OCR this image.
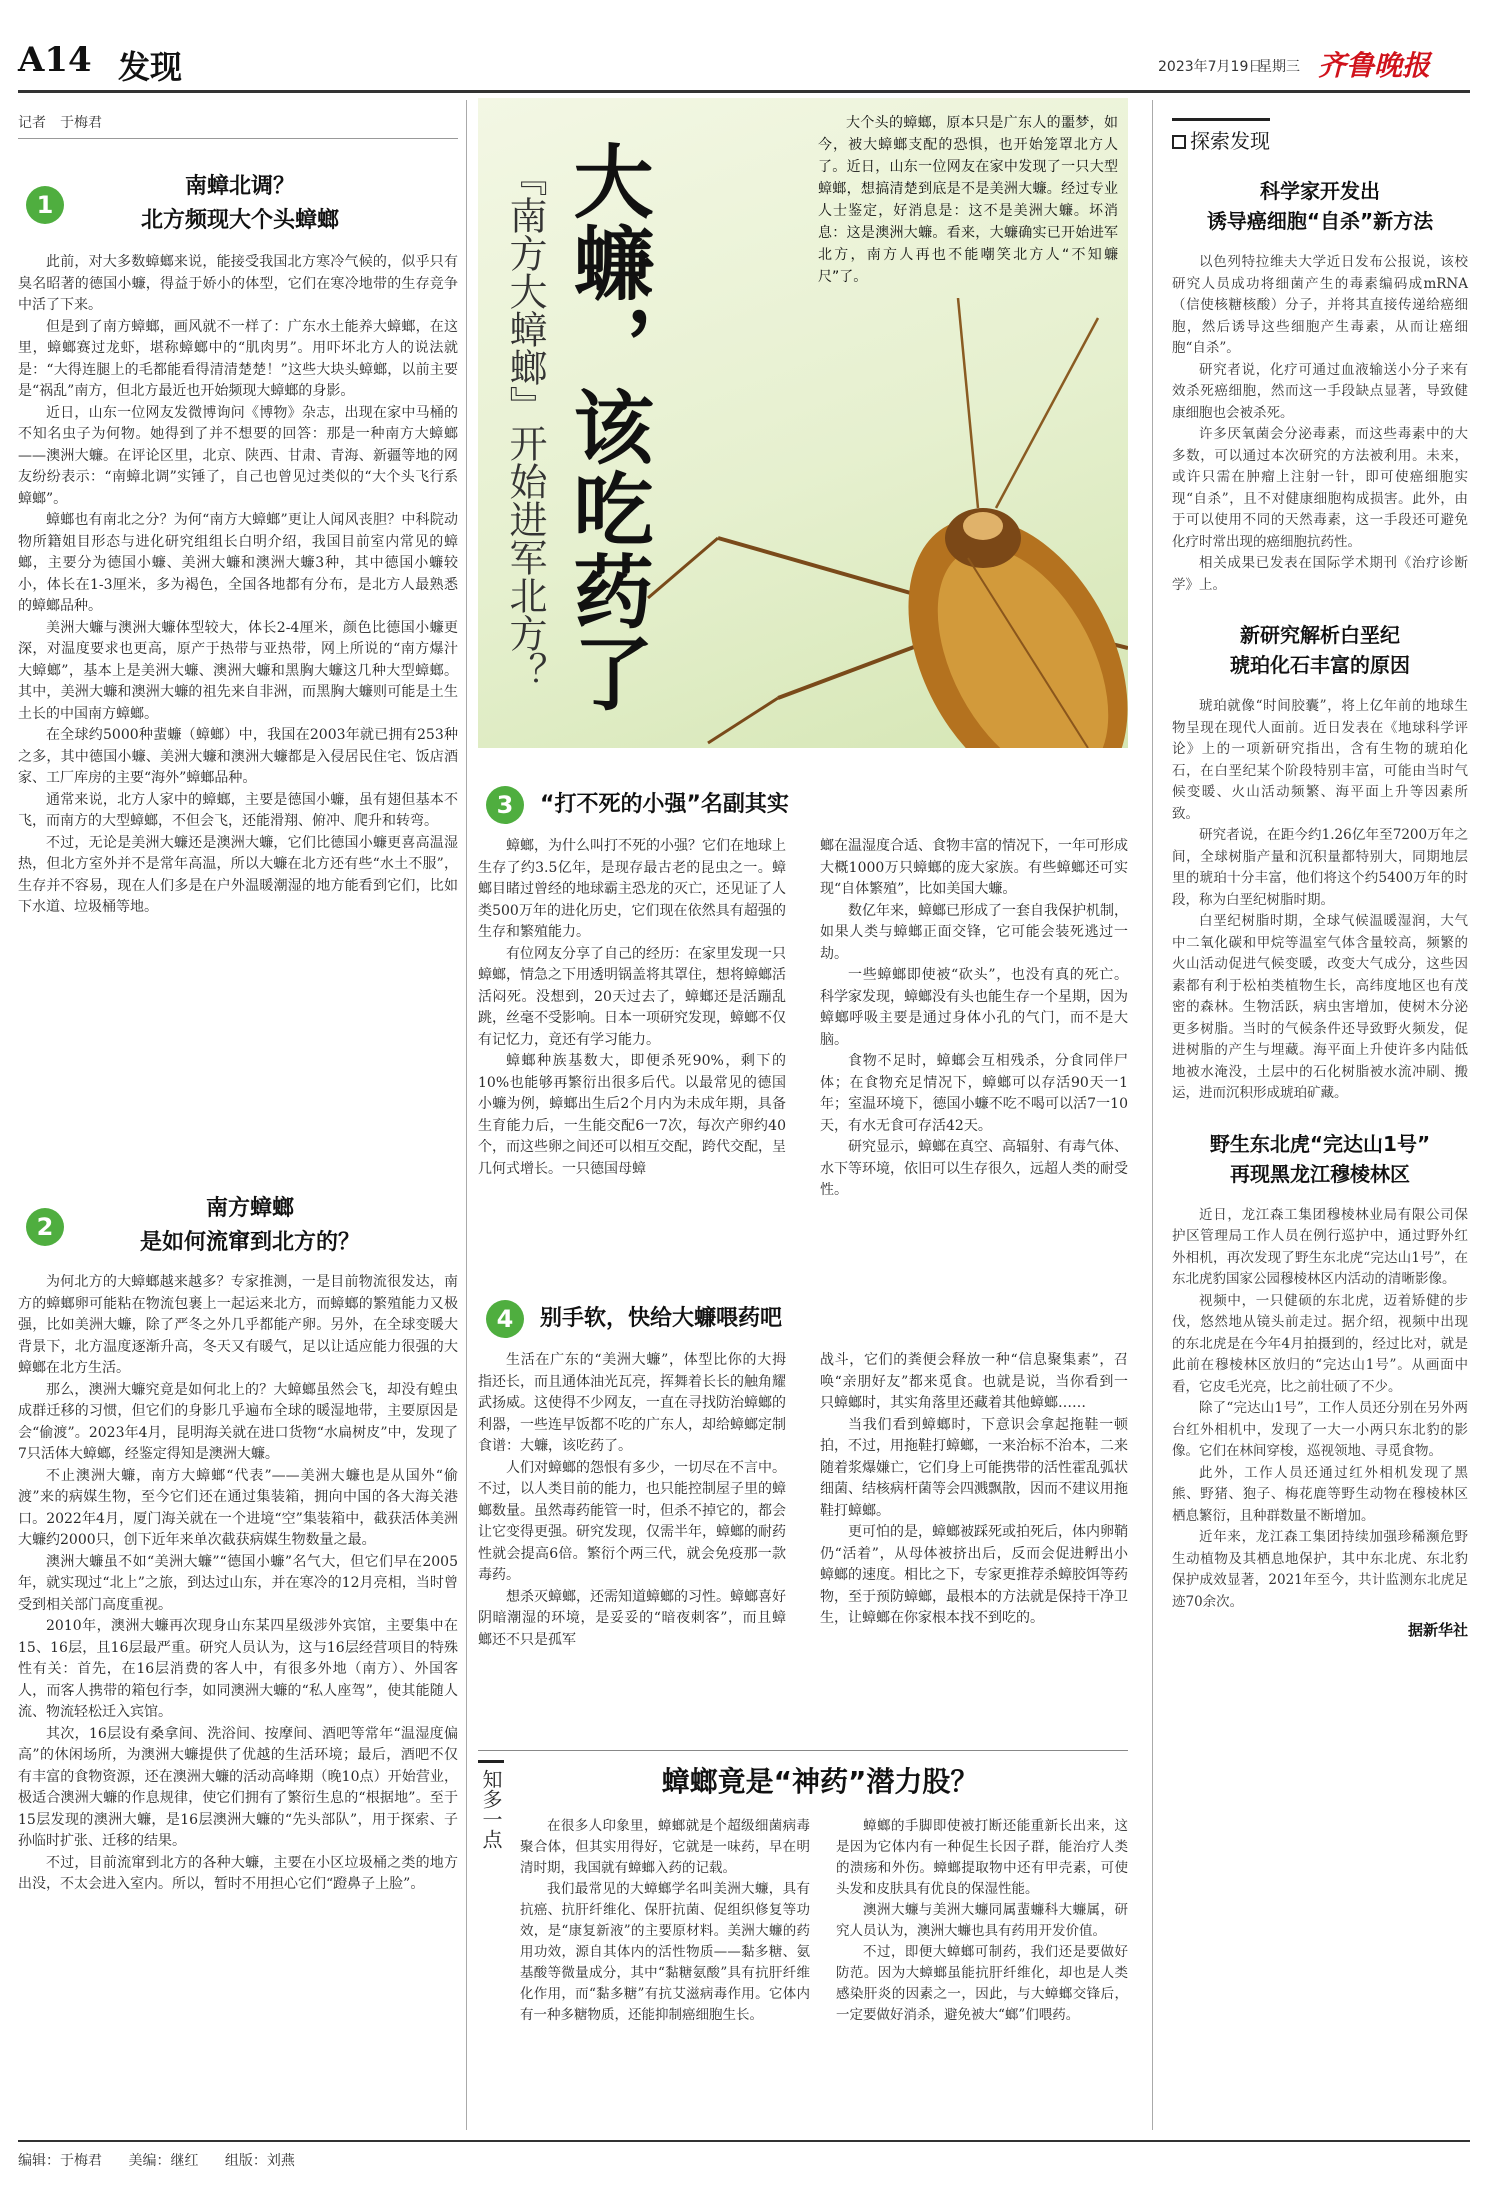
A14 发现	2023年7月19日
星期三 齐鲁晚报
记者　于梅君
大蠊，该吃药了
『南方大蟑螂』开始进军北方？
大个头的蟑螂，原本只是广东人的噩梦，如今，被大蟑螂支配的恐惧，也开始笼罩北方人了。近日，山东一位网友在家中发现了一只大型蟑螂，想搞清楚到底是不是美洲大蠊。经过专业人士鉴定，好消息是：这不是美洲大蠊。坏消息：这是澳洲大蠊。看来，大蠊确实已开始进军北方，南方人再也不能嘲笑北方人“不知蠊尺”了。
1
南蟑北调？
北方频现大个头蟑螂

此前，对大多数蟑螂来说，能接受我国北方寒冷气候的，似乎只有臭名昭著的德国小蠊，得益于娇小的体型，它们在寒冷地带的生存竞争中活了下来。

但是到了南方蟑螂，画风就不一样了：广东水土能养大蟑螂，在这里，蟑螂赛过龙虾，堪称蟑螂中的“肌肉男”。用吓坏北方人的说法就是：“大得连腿上的毛都能看得清清楚楚！”这些大块头蟑螂，以前主要是“祸乱”南方，但北方最近也开始频现大蟑螂的身影。

近日，山东一位网友发微博询问《博物》杂志，出现在家中马桶的不知名虫子为何物。她得到了并不想要的回答：那是一种南方大蟑螂——澳洲大蠊。在评论区里，北京、陕西、甘肃、青海、新疆等地的网友纷纷表示：“南蟑北调”实锤了，自己也曾见过类似的“大个头飞行系蟑螂”。

蟑螂也有南北之分？为何“南方大蟑螂”更让人闻风丧胆？中科院动物所籍姐目形态与进化研究组组长白明介绍，我国目前室内常见的蟑螂，主要分为德国小蠊、美洲大蠊和澳洲大蠊3种，其中德国小蠊较小，体长在1-3厘米，多为褐色，全国各地都有分布，是北方人最熟悉的蟑螂品种。

美洲大蠊与澳洲大蠊体型较大，体长2-4厘米，颜色比德国小蠊更深，对温度要求也更高，原产于热带与亚热带，网上所说的“南方爆汁大蟑螂”，基本上是美洲大蠊、澳洲大蠊和黑胸大蠊这几种大型蟑螂。其中，美洲大蠊和澳洲大蠊的祖先来自非洲，而黑胸大蠊则可能是土生土长的中国南方蟑螂。

在全球约5000种蜚蠊（蟑螂）中，我国在2003年就已拥有253种之多，其中德国小蠊、美洲大蠊和澳洲大蠊都是入侵居民住宅、饭店酒家、工厂库房的主要“海外”蟑螂品种。

通常来说，北方人家中的蟑螂，主要是德国小蠊，虽有翅但基本不飞，而南方的大型蟑螂，不但会飞，还能滑翔、俯冲、爬升和转弯。

不过，无论是美洲大蠊还是澳洲大蠊，它们比德国小蠊更喜高温湿热，但北方室外并不是常年高温，所以大蠊在北方还有些“水土不服”，生存并不容易，现在人们多是在户外温暖潮湿的地方能看到它们，比如下水道、垃圾桶等地。

2
南方蟑螂
是如何流窜到北方的？

为何北方的大蟑螂越来越多？专家推测，一是目前物流很发达，南方的蟑螂卵可能粘在物流包裹上一起运来北方，而蟑螂的繁殖能力又极强，比如美洲大蠊，除了严冬之外几乎都能产卵。另外，在全球变暖大背景下，北方温度逐渐升高，冬天又有暖气，足以让适应能力很强的大蟑螂在北方生活。

那么，澳洲大蠊究竟是如何北上的？大蟑螂虽然会飞，却没有蝗虫成群迁移的习惯，但它们的身影几乎遍布全球的暖湿地带，主要原因是会“偷渡”。2023年4月，昆明海关就在进口货物“水扁树皮”中，发现了7只活体大蟑螂，经鉴定得知是澳洲大蠊。

不止澳洲大蠊，南方大蟑螂“代表”——美洲大蠊也是从国外“偷渡”来的病媒生物，至今它们还在通过集装箱，拥向中国的各大海关港口。2022年4月，厦门海关就在一个进境“空”集装箱中，截获活体美洲大蠊约2000只，创下近年来单次截获病媒生物数量之最。

澳洲大蠊虽不如“美洲大蠊”“德国小蠊”名气大，但它们早在2005年，就实现过“北上”之旅，到达过山东，并在寒冷的12月亮相，当时曾受到相关部门高度重视。

2010年，澳洲大蠊再次现身山东某四星级涉外宾馆，主要集中在15、16层，且16层最严重。研究人员认为，这与16层经营项目的特殊性有关：首先，在16层消费的客人中，有很多外地（南方）、外国客人，而客人携带的箱包行李，如同澳洲大蠊的“私人座驾”，使其能随人流、物流轻松迁入宾馆。

其次，16层设有桑拿间、洗浴间、按摩间、酒吧等常年“温湿度偏高”的休闲场所，为澳洲大蠊提供了优越的生活环境；最后，酒吧不仅有丰富的食物资源，还在澳洲大蠊的活动高峰期（晚10点）开始营业，极适合澳洲大蠊的作息规律，使它们拥有了繁衍生息的“根据地”。至于15层发现的澳洲大蠊，是16层澳洲大蠊的“先头部队”，用于探索、子孙临时扩张、迁移的结果。

不过，目前流窜到北方的各种大蠊，主要在小区垃圾桶之类的地方出没，不太会进入室内。所以，暂时不用担心它们“蹬鼻子上脸”。

3	“打不死的小强”名副其实

蟑螂，为什么叫打不死的小强？它们在地球上生存了约3.5亿年，是现存最古老的昆虫之一。蟑螂目睹过曾经的地球霸主恐龙的灭亡，还见证了人类500万年的进化历史，它们现在依然具有超强的生存和繁殖能力。

有位网友分享了自己的经历：在家里发现一只蟑螂，情急之下用透明锅盖将其罩住，想将蟑螂活活闷死。没想到，20天过去了，蟑螂还是活蹦乱跳，丝毫不受影响。日本一项研究发现，蟑螂不仅有记忆力，竟还有学习能力。

蟑螂种族基数大，即便杀死90%，剩下的10%也能够再繁衍出很多后代。以最常见的德国小蠊为例，蟑螂出生后2个月内为未成年期，具备生育能力后，一生能交配6一7次，每次产卵约40个，而这些卵之间还可以相互交配，跨代交配，呈几何式增长。一只德国母蟑

螂在温湿度合适、食物丰富的情况下，一年可形成大概1000万只蟑螂的庞大家族。有些蟑螂还可实现“自体繁殖”，比如美国大蠊。

数亿年来，蟑螂已形成了一套自我保护机制，如果人类与蟑螂正面交锋，它可能会装死逃过一劫。

一些蟑螂即使被“砍头”，也没有真的死亡。科学家发现，蟑螂没有头也能生存一个星期，因为蟑螂呼吸主要是通过身体小孔的气门，而不是大脑。

食物不足时，蟑螂会互相残杀，分食同伴尸体；在食物充足情况下，蟑螂可以存活90天一1年；室温环境下，德国小蠊不吃不喝可以活7一10天，有水无食可存活42天。

研究显示，蟑螂在真空、高辐射、有毒气体、水下等环境，依旧可以生存很久，远超人类的耐受性。

4	别手软，快给大蠊喂药吧

生活在广东的“美洲大蠊”，体型比你的大拇指还长，而且通体油光瓦亮，挥舞着长长的触角耀武扬威。这使得不少网友，一直在寻找防治蟑螂的利器，一些连早饭都不吃的广东人，却给蟑螂定制食谱：大蠊，该吃药了。

人们对蟑螂的怨恨有多少，一切尽在不言中。不过，以人类目前的能力，也只能控制屋子里的蟑螂数量。虽然毒药能管一时，但杀不掉它的，都会让它变得更强。研究发现，仅需半年，蟑螂的耐药性就会提高6倍。繁衍个两三代，就会免疫那一款毒药。

想杀灭蟑螂，还需知道蟑螂的习性。蟑螂喜好阴暗潮湿的环境，是妥妥的“暗夜刺客”，而且蟑螂还不只是孤军

战斗，它们的粪便会释放一种“信息聚集素”，召唤“亲朋好友”都来觅食。也就是说，当你看到一只蟑螂时，其实角落里还藏着其他蟑螂……

当我们看到蟑螂时，下意识会拿起拖鞋一顿拍，不过，用拖鞋打蟑螂，一来治标不治本，二来随着浆爆嫌亡，它们身上可能携带的活性霍乱弧状细菌、结核病杆菌等会四溅飘散，因而不建议用拖鞋打蟑螂。

更可怕的是，蟑螂被踩死或拍死后，体内卵鞘仍“活着”，从母体被挤出后，反而会促进孵出小蟑螂的速度。相比之下，专家更推荐杀蟑胶饵等药物，至于预防蟑螂，最根本的方法就是保持干净卫生，让蟑螂在你家根本找不到吃的。

知多一点	蟑螂竟是“神药”潜力股？

在很多人印象里，蟑螂就是个超级细菌病毒聚合体，但其实用得好，它就是一味药，早在明清时期，我国就有蟑螂入药的记载。

我们最常见的大蟑螂学名叫美洲大蠊，具有抗癌、抗肝纤维化、保肝抗菌、促组织修复等功效，是“康复新液”的主要原材料。美洲大蠊的药用功效，源自其体内的活性物质——黏多糖、氨基酸等微量成分，其中“黏糖氨酸”具有抗肝纤维化作用，而“黏多糖”有抗艾滋病毒作用。它体内有一种多糖物质，还能抑制癌细胞生长。

蟑螂的手脚即使被打断还能重新长出来，这是因为它体内有一种促生长因子群，能治疗人类的溃疡和外伤。蟑螂提取物中还有甲壳素，可使头发和皮肤具有优良的保湿性能。

澳洲大蠊与美洲大蠊同属蜚蠊科大蠊属，研究人员认为，澳洲大蠊也具有药用开发价值。

不过，即便大蟑螂可制药，我们还是要做好防范。因为大蟑螂虽能抗肝纤维化，却也是人类感染肝炎的因素之一，因此，与大蟑螂交锋后，一定要做好消杀，避免被大“螂”们喂药。

探索发现
科学家开发出
诱导癌细胞“自杀”新方法

以色列特拉维夫大学近日发布公报说，该校研究人员成功将细菌产生的毒素编码成mRNA（信使核糖核酸）分子，并将其直接传递给癌细胞，然后诱导这些细胞产生毒素，从而让癌细胞“自杀”。

研究者说，化疗可通过血液输送小分子来有效杀死癌细胞，然而这一手段缺点显著，导致健康细胞也会被杀死。

许多厌氧菌会分泌毒素，而这些毒素中的大多数，可以通过本次研究的方法被利用。未来，或许只需在肿瘤上注射一针，即可使癌细胞实现“自杀”，且不对健康细胞构成损害。此外，由于可以使用不同的天然毒素，这一手段还可避免化疗时常出现的癌细胞抗药性。

相关成果已发表在国际学术期刊《治疗诊断学》上。

新研究解析白垩纪
琥珀化石丰富的原因

琥珀就像“时间胶囊”，将上亿年前的地球生物呈现在现代人面前。近日发表在《地球科学评论》上的一项新研究指出，含有生物的琥珀化石，在白垩纪某个阶段特别丰富，可能由当时气候变暖、火山活动频繁、海平面上升等因素所致。

研究者说，在距今约1.26亿年至7200万年之间，全球树脂产量和沉积量都特别大，同期地层里的琥珀十分丰富，他们将这个约5400万年的时段，称为白垩纪树脂时期。

白垩纪树脂时期，全球气候温暖湿润，大气中二氧化碳和甲烷等温室气体含量较高，频繁的火山活动促进气候变暖，改变大气成分，这些因素都有利于松柏类植物生长，高纬度地区也有茂密的森林。生物活跃，病虫害增加，使树木分泌更多树脂。当时的气候条件还导致野火频发，促进树脂的产生与埋藏。海平面上升使许多内陆低地被水淹没，土层中的石化树脂被水流冲刷、搬运，进而沉积形成琥珀矿藏。

野生东北虎“完达山1号”
再现黑龙江穆棱林区

近日，龙江森工集团穆棱林业局有限公司保护区管理局工作人员在例行巡护中，通过野外红外相机，再次发现了野生东北虎“完达山1号”，在东北虎豹国家公园穆棱林区内活动的清晰影像。

视频中，一只健硕的东北虎，迈着矫健的步伐，悠然地从镜头前走过。据介绍，视频中出现的东北虎是在今年4月拍摄到的，经过比对，就是此前在穆棱林区放归的“完达山1号”。从画面中看，它皮毛光亮，比之前壮硕了不少。

除了“完达山1号”，工作人员还分别在另外两台红外相机中，发现了一大一小两只东北豹的影像。它们在林间穿梭，巡视领地、寻觅食物。

此外，工作人员还通过红外相机发现了黑熊、野猪、狍子、梅花鹿等野生动物在穆棱林区栖息繁衍，且种群数量不断增加。

近年来，龙江森工集团持续加强珍稀濒危野生动植物及其栖息地保护，其中东北虎、东北豹保护成效显著，2021年至今，共计监测东北虎足迹70余次。

据新华社
编辑：于梅君 美编：继红 组版：刘燕
